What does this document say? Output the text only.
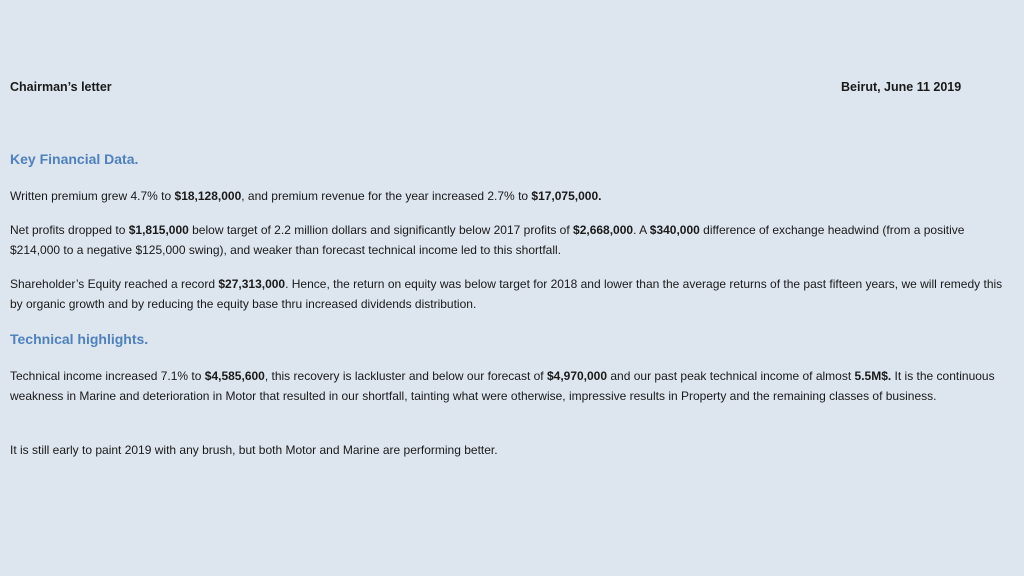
Chairman’s letter	Beirut, June 11 2019
Key Financial Data.
Written premium grew 4.7% to $18,128,000, and premium revenue for the year increased 2.7% to $17,075,000.
Net profits dropped to $1,815,000 below target of 2.2 million dollars and significantly below 2017 profits of $2,668,000. A $340,000 difference of exchange headwind (from a positive $214,000 to a negative $125,000 swing), and weaker than forecast technical income led to this shortfall.
Shareholder’s Equity reached a record $27,313,000. Hence, the return on equity was below target for 2018 and lower than the average returns of the past fifteen years, we will remedy this by organic growth and by reducing the equity base thru increased dividends distribution.
Technical highlights.
Technical income increased 7.1% to $4,585,600, this recovery is lackluster and below our forecast of $4,970,000 and our past peak technical income of almost 5.5M$. It is the continuous weakness in Marine and deterioration in Motor that resulted in our shortfall, tainting what were otherwise, impressive results in Property and the remaining classes of business.
It is still early to paint 2019 with any brush, but both Motor and Marine are performing better.
